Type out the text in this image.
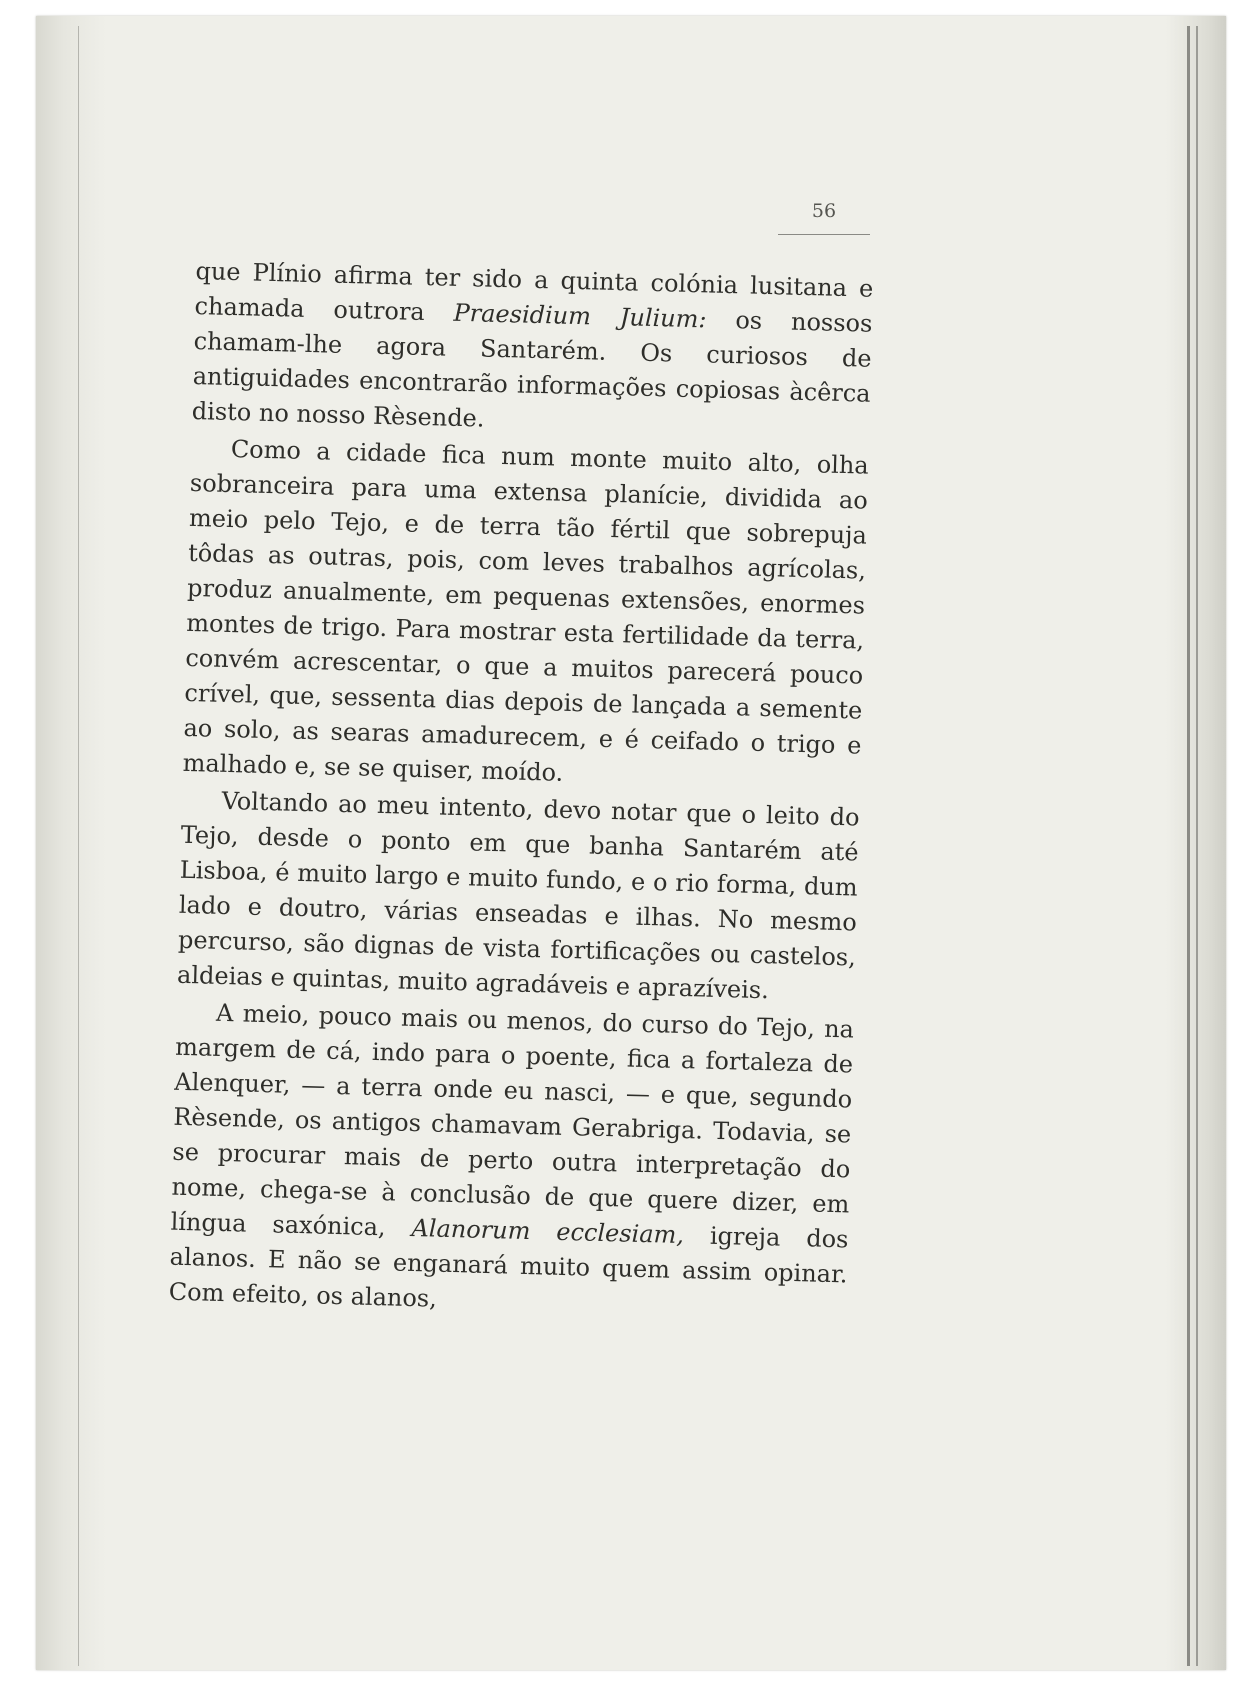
56

que Plínio afirma ter sido a quinta colónia lusitana e chamada outrora Praesidium Julium: os nossos chamam-lhe agora Santarém. Os curiosos de antiguidades encontrarão informações copiosas àcêrca disto no nosso Rèsende.

Como a cidade fica num monte muito alto, olha sobranceira para uma extensa planície, dividida ao meio pelo Tejo, e de terra tão fértil que sobrepuja tôdas as outras, pois, com leves trabalhos agrícolas, produz anualmente, em pequenas extensões, enormes montes de trigo. Para mostrar esta fertilidade da terra, convém acrescentar, o que a muitos parecerá pouco crível, que, sessenta dias depois de lançada a semente ao solo, as searas amadurecem, e é ceifado o trigo e malhado e, se se quiser, moído.

Voltando ao meu intento, devo notar que o leito do Tejo, desde o ponto em que banha Santarém até Lisboa, é muito largo e muito fundo, e o rio forma, dum lado e doutro, várias enseadas e ilhas. No mesmo percurso, são dignas de vista fortificações ou castelos, aldeias e quintas, muito agradáveis e aprazíveis.

A meio, pouco mais ou menos, do curso do Tejo, na margem de cá, indo para o poente, fica a fortaleza de Alenquer, — a terra onde eu nasci, — e que, segundo Rèsende, os antigos chamavam Gerabriga. Todavia, se se procurar mais de perto outra interpretação do nome, chega-se à conclusão de que quere dizer, em língua saxónica, Alanorum ecclesiam, igreja dos alanos. E não se enganará muito quem assim opinar. Com efeito, os alanos,
